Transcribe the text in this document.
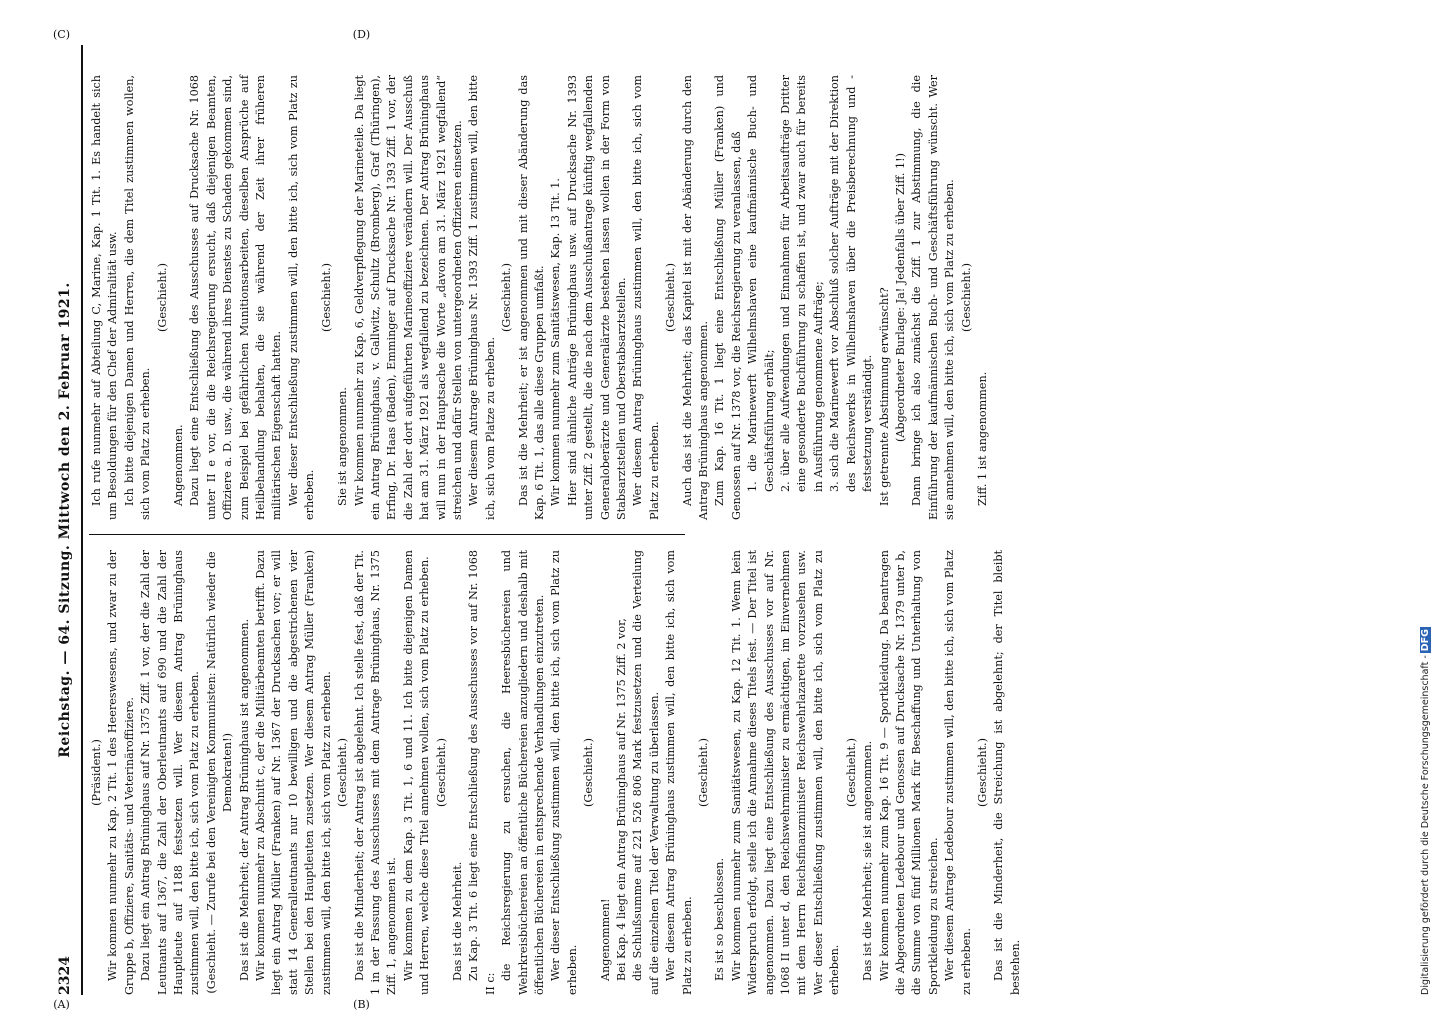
2324
Reichstag. — 64. Sitzung. Mittwoch den 2. Februar 1921.
(A)	(B)
(C)	(D)

(Präsident.) Wir kommen nunmehr zu Kap. 2 Tit. 1 des Heereswesens, und zwar zu der Gruppe b, Offiziere, Sanitäts- und Veterinäroffiziere. Dazu liegt ein Antrag Brüninghaus auf Nr. 1375 Ziff. 1 vor, der die Zahl der Leutnants auf 1367, die Zahl der Oberleutnants auf 690 und die Zahl der Hauptleute auf 1188 festsetzen will. Wer diesem Antrag Brüninghaus zustimmen will, den bitte ich, sich vom Platz zu erheben. (Geschieht. — Zurufe bei den Vereinigten Kommunisten: Natürlich wieder die Demokraten!) Das ist die Mehrheit; der Antrag Brüninghaus ist angenommen. Wir kommen nunmehr zu Abschnitt c, der die Militärbeamten betrifft. Dazu liegt ein Antrag Müller (Franken) auf Nr. 1367 der Drucksachen vor; er will statt 14 Generalleutnants nur 10 bewilligen und die abgestrichenen vier Stellen bei den Hauptleuten zusetzen. Wer diesem Antrag Müller (Franken) zustimmen will, den bitte ich, sich vom Platz zu erheben. (Geschieht.) Das ist die Minderheit; der Antrag ist abgelehnt. Ich stelle fest, daß der Tit. 1 in der Fassung des Ausschusses mit dem Antrage Brüninghaus, Nr. 1375 Ziff. 1, angenommen ist. Wir kommen zu dem Kap. 3 Tit. 1, 6 und 11. Ich bitte diejenigen Damen und Herren, welche diese Titel annehmen wollen, sich vom Platz zu erheben. (Geschieht.)

Das ist die Mehrheit. Zu Kap. 3 Tit. 6 liegt eine Entschließung des Ausschusses vor auf Nr. 1068 II c:

die Reichsregierung zu ersuchen, die Heeresbüchereien und Wehrkreisbüchereien an öffentliche Büchereien anzugliedern und deshalb mit öffentlichen Büchereien in entsprechende Verhandlungen einzutreten. Wer dieser Entschließung zustimmen will, den bitte ich, sich vom Platz zu erheben.

(Geschieht.)

Angenommen! Bei Kap. 4 liegt ein Antrag Brüninghaus auf Nr. 1375 Ziff. 2 vor, die Schlußsumme auf 221 526 806 Mark festzusetzen und die Verteilung auf die einzelnen Titel der Verwaltung zu überlassen. Wer diesem Antrag Brüninghaus zustimmen will, den bitte ich, sich vom Platz zu erheben.

(Geschieht.)

Es ist so beschlossen. Wir kommen nunmehr zum Sanitätswesen, zu Kap. 12 Tit. 1. Wenn kein Widerspruch erfolgt, stelle ich die Annahme dieses Titels fest. — Der Titel ist angenommen. Dazu liegt eine Entschließung des Ausschusses vor auf Nr. 1068 II unter d, den Reichswehrminister zu ermächtigen, im Einvernehmen mit dem Herrn Reichsfinanzminister Reichswehrlazarette vorzusehen usw. Wer dieser Entschließung zustimmen will, den bitte ich, sich vom Platz zu erheben.

(Geschieht.) Das ist die Mehrheit; sie ist angenommen. Wir kommen nunmehr zum Kap. 16 Tit. 9 — Sportkleidung. Da beantragen die Abgeordneten Ledebour und Genossen auf Drucksache Nr. 1379 unter b, die Summe von fünf Millionen Mark für Beschaffung und Unterhaltung von Sportkleidung zu streichen. Wer diesem Antrage Ledebour zustimmen will, den bitte ich, sich vom Platz zu erheben.

(Geschieht.) Das ist die Minderheit, die Streichung ist abgelehnt; der Titel bleibt bestehen.

Ich rufe nunmehr auf Abteilung C, Marine, Kap. 1 Tit. 1. Es handelt sich um Besoldungen für den Chef der Admiralität usw. Ich bitte diejenigen Damen und Herren, die dem Titel zustimmen wollen, sich vom Platz zu erheben.

(Geschieht.)

Angenommen. Dazu liegt eine Entschließung des Ausschusses auf Drucksache Nr. 1068 unter II e vor, die die Reichsregierung ersucht, daß diejenigen Beamten, Offiziere a. D. usw., die während ihres Dienstes zu Schaden gekommen sind, zum Beispiel bei gefährlichen Munitionsarbeiten, dieselben Ansprüche auf Heilbehandlung behalten, die sie während der Zeit ihrer früheren militärischen Eigenschaft hatten. Wer dieser Entschließung zustimmen will, den bitte ich, sich vom Platz zu erheben.

(Geschieht.)

Sie ist angenommen. Wir kommen nunmehr zu Kap. 6, Geldverpflegung der Marineteile. Da liegt ein Antrag Brüninghaus, v. Gallwitz, Schultz (Bromberg), Graf (Thüringen), Erfing, Dr. Haas (Baden), Emminger auf Drucksache Nr. 1393 Ziff. 1 vor, der die Zahl der dort aufgeführten Marineoffiziere verändern will. Der Ausschuß hat am 31. März 1921 als wegfallend zu bezeichnen. Der Antrag Brüninghaus will nun in der Hauptsache die Worte „davon am 31. März 1921 wegfallend“ streichen und dafür Stellen von untergeordneten Offizieren einsetzen. Wer diesem Antrage Brüninghaus Nr. 1393 Ziff. 1 zustimmen will, den bitte ich, sich vom Platze zu erheben.

(Geschieht.) Das ist die Mehrheit; er ist angenommen und mit dieser Abänderung das Kap. 6 Tit. 1, das alle diese Gruppen umfaßt. Wir kommen nunmehr zum Sanitätswesen, Kap. 13 Tit. 1. Hier sind ähnliche Anträge Brüninghaus usw. auf Drucksache Nr. 1393 unter Ziff. 2 gestellt, die die nach dem Ausschußantrage künftig wegfallenden Generaloberärzte und Generalärzte bestehen lassen wollen in der Form von Stabsarztstellen und Oberstabsarztstellen. Wer diesem Antrag Brüninghaus zustimmen will, den bitte ich, sich vom Platz zu erheben.

(Geschieht.) Auch das ist die Mehrheit; das Kapitel ist mit der Abänderung durch den Antrag Brüninghaus angenommen. Zum Kap. 16 Tit. 1 liegt eine Entschließung Müller (Franken) und Genossen auf Nr. 1378 vor, die Reichsregierung zu veranlassen, daß 1. die Marinewerft Wilhelmshaven eine kaufmännische Buch- und Geschäftsführung erhält; 2. über alle Aufwendungen und Einnahmen für Arbeitsaufträge Dritter eine gesonderte Buchführung zu schaffen ist, und zwar auch für bereits in Ausführung genommene Aufträge; 3. sich die Marinewerft vor Abschluß solcher Aufträge mit der Direktion des Reichswerks in Wilhelmshaven über die Preisberechnung und -festsetzung verständigt. Ist getrennte Abstimmung erwünscht? (Abgeordneter Burlage: Ja! Jedenfalls über Ziff. 1!) Dann bringe ich also zunächst die Ziff. 1 zur Abstimmung, die die Einführung der kaufmännischen Buch- und Geschäftsführung wünscht. Wer sie annehmen will, den bitte ich, sich vom Platz zu erheben. (Geschieht.)

Ziff. 1 ist angenommen.

Digitalisierung gefördert durch die Deutsche Forschungsgemeinschaft -DFG
